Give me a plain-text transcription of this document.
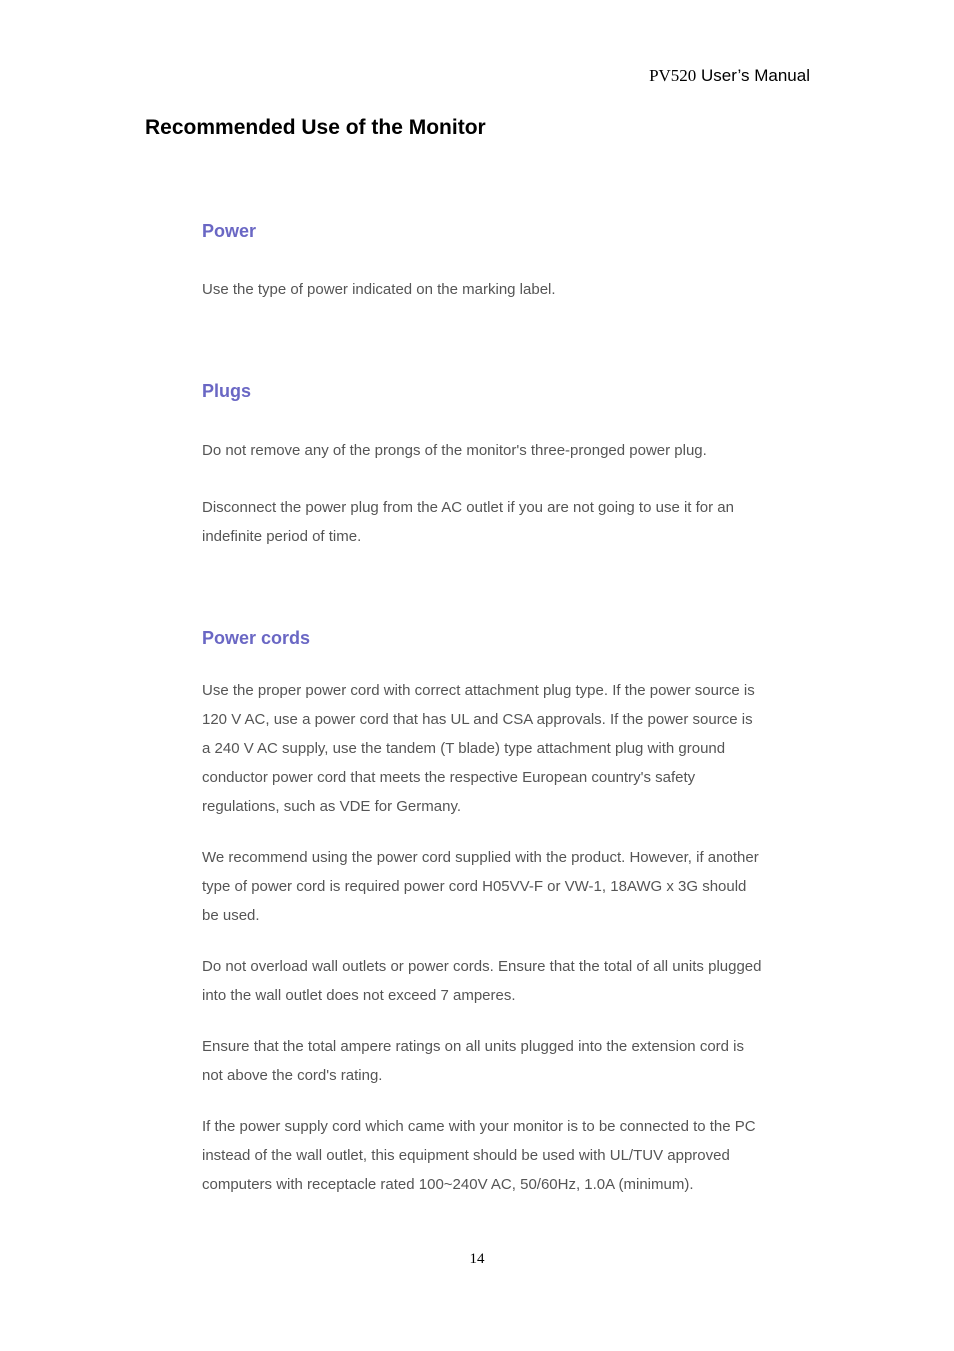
PV520 User’s Manual
Recommended Use of the Monitor
Power

Use the type of power indicated on the marking label.

Plugs

Do not remove any of the prongs of the monitor's three-pronged power plug.

Disconnect the power plug from the AC outlet if you are not going to use it for an indefinite period of time.

Power cords

Use the proper power cord with correct attachment plug type. If the power source is 120 V AC, use a power cord that has UL and CSA approvals. If the power source is a 240 V AC supply, use the tandem (T blade) type attachment plug with ground conductor power cord that meets the respective European country's safety regulations, such as VDE for Germany.

We recommend using the power cord supplied with the product. However, if another type of power cord is required power cord H05VV-F or VW-1, 18AWG x 3G should be used.

Do not overload wall outlets or power cords. Ensure that the total of all units plugged into the wall outlet does not exceed 7 amperes.

Ensure that the total ampere ratings on all units plugged into the extension cord is not above the cord's rating.

If the power supply cord which came with your monitor is to be connected to the PC instead of the wall outlet, this equipment should be used with UL/TUV approved computers with receptacle rated 100~240V AC, 50/60Hz, 1.0A (minimum).

14
